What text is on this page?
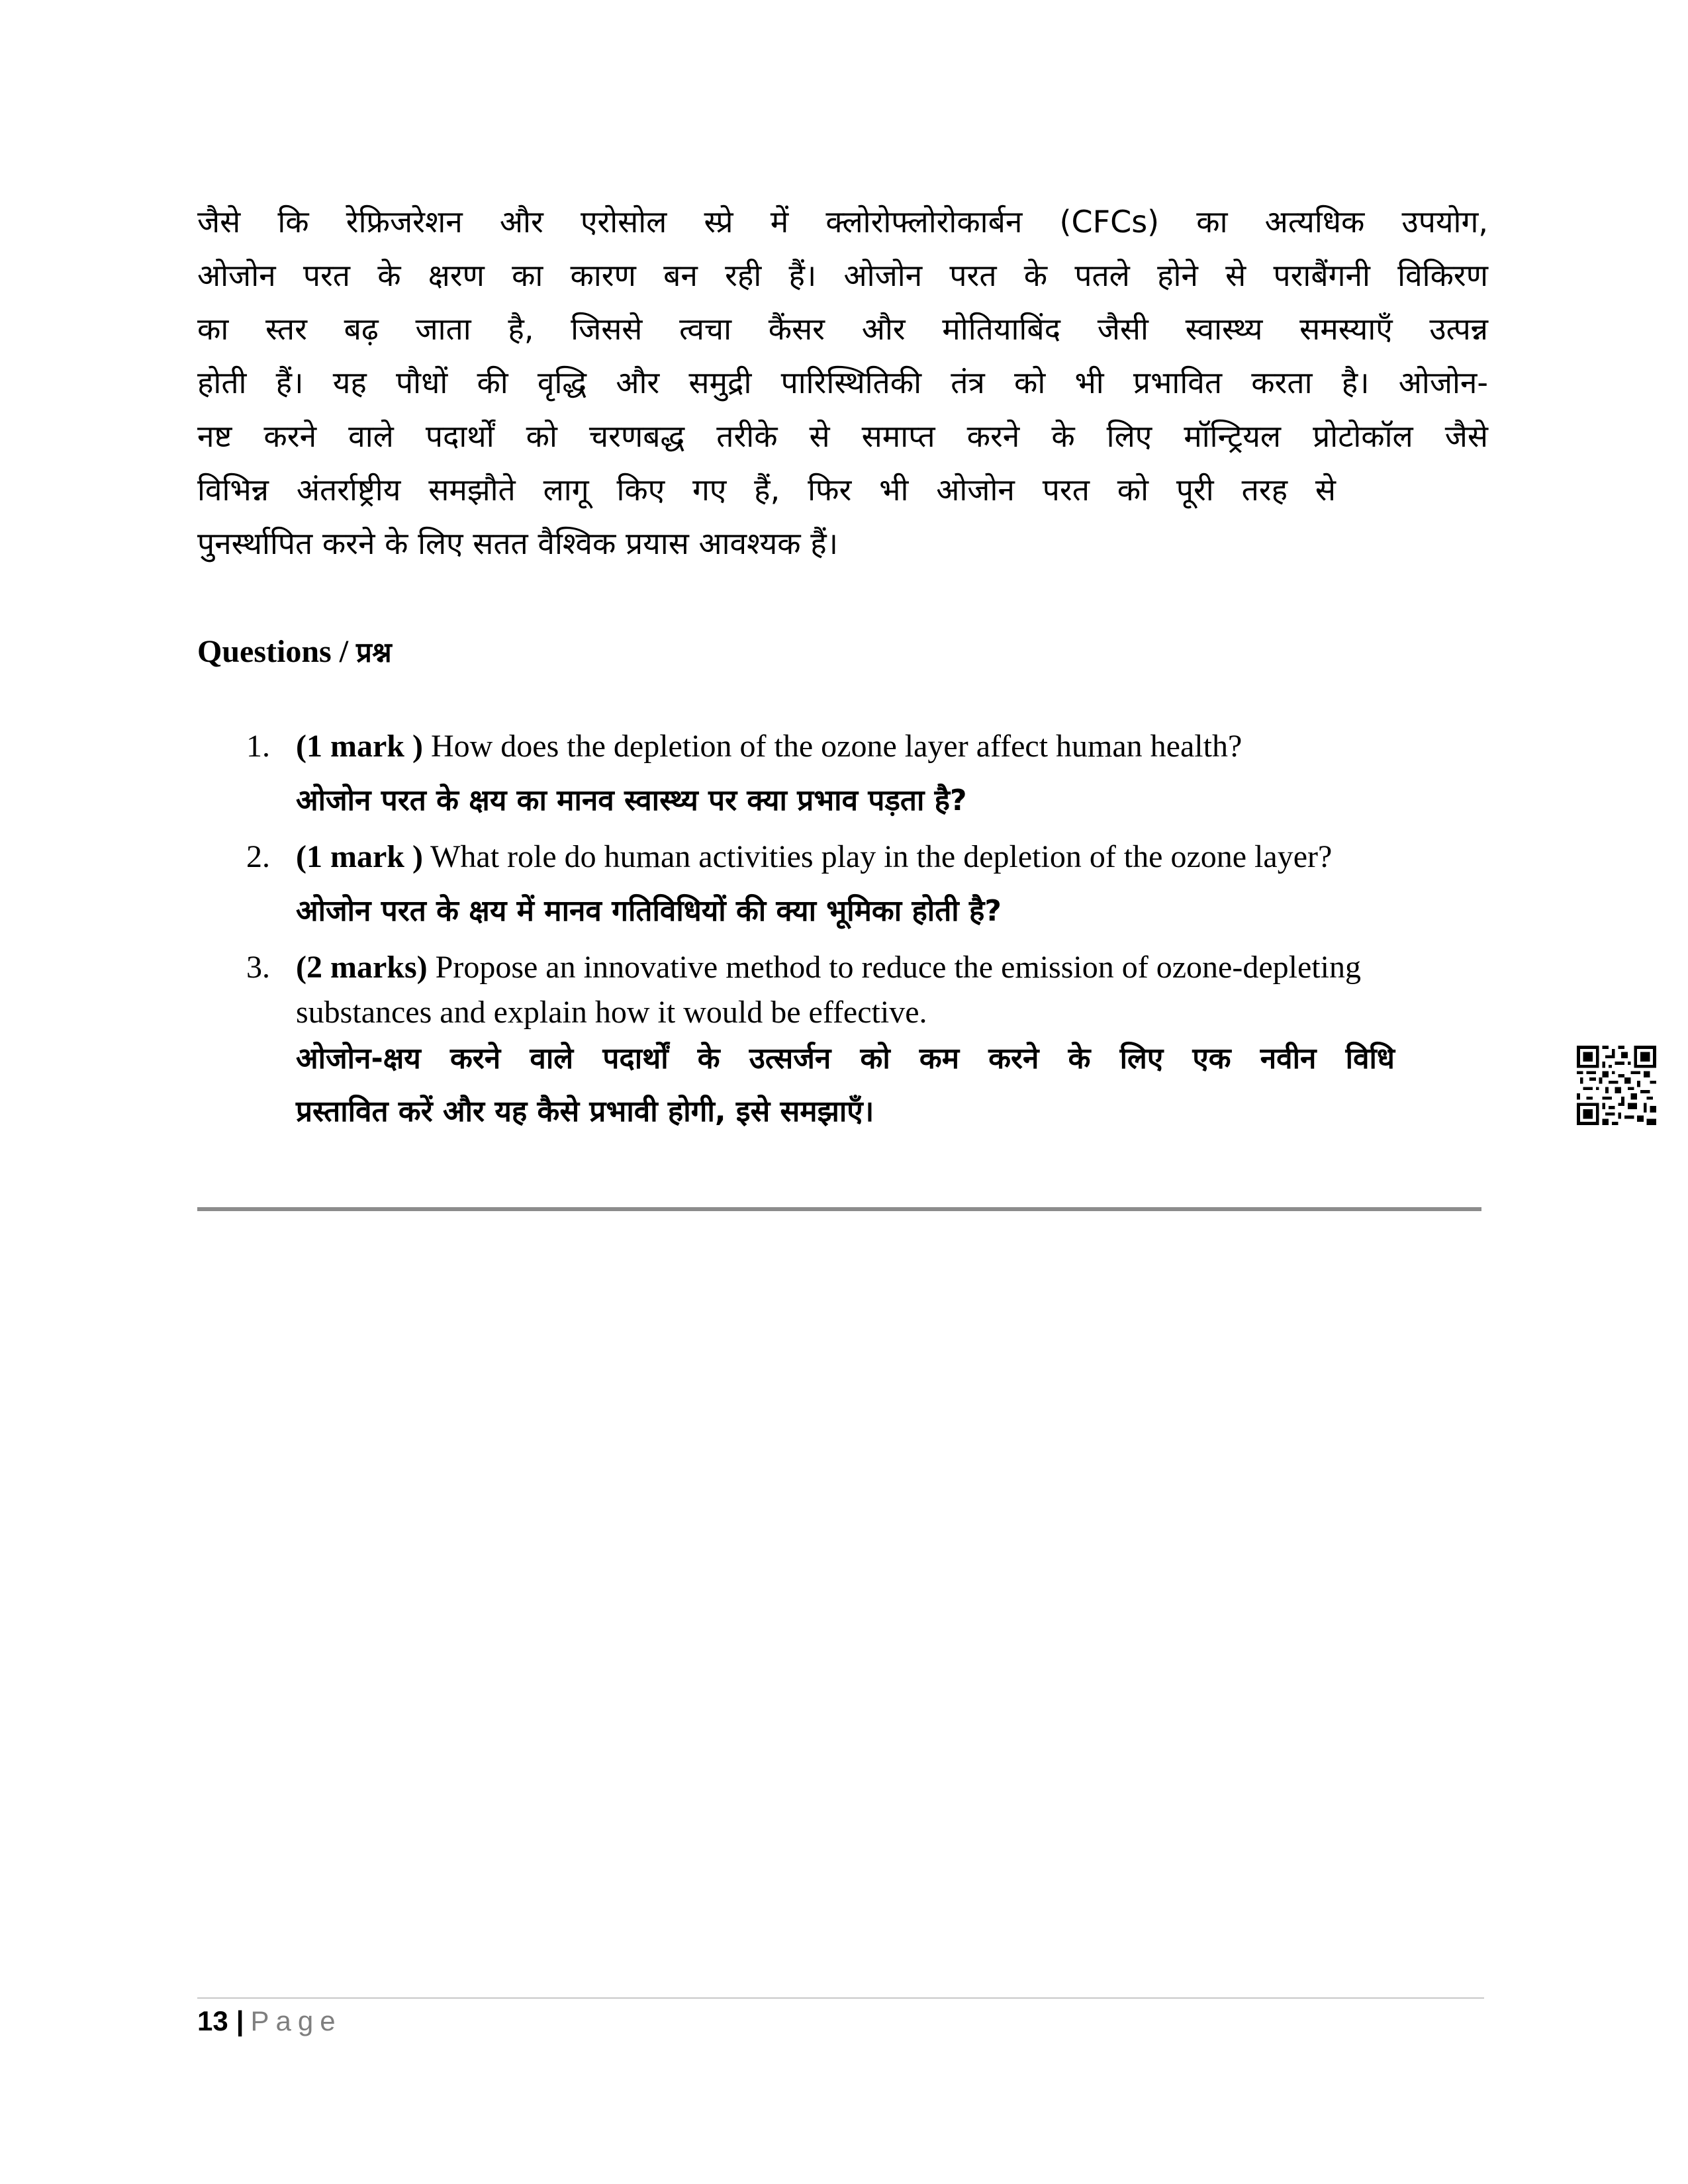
जैसे कि रेफ्रिजरेशन और एरोसोल स्प्रे में क्लोरोफ्लोरोकार्बन (CFCs) का अत्यधिक उपयोग,
ओजोन परत के क्षरण का कारण बन रही हैं। ओजोन परत के पतले होने से पराबैंगनी विकिरण
का स्तर बढ़ जाता है, जिससे त्वचा कैंसर और मोतियाबिंद जैसी स्वास्थ्य समस्याएँ उत्पन्न
होती हैं। यह पौधों की वृद्धि और समुद्री पारिस्थितिकी तंत्र को भी प्रभावित करता है। ओजोन-
नष्ट करने वाले पदार्थों को चरणबद्ध तरीके से समाप्त करने के लिए मॉन्ट्रियल प्रोटोकॉल जैसे
विभिन्न अंतर्राष्ट्रीय समझौते लागू किए गए हैं, फिर भी ओजोन परत को पूरी तरह से
पुनर्स्थापित करने के लिए सतत वैश्विक प्रयास आवश्यक हैं।
Questions / प्रश्न
1. (1 mark ) How does the depletion of the ozone layer affect human health?
ओजोन परत के क्षय का मानव स्वास्थ्य पर क्या प्रभाव पड़ता है?
2. (1 mark ) What role do human activities play in the depletion of the ozone layer?
ओजोन परत के क्षय में मानव गतिविधियों की क्या भूमिका होती है?
3. (2 marks) Propose an innovative method to reduce the emission of ozone-depleting
substances and explain how it would be effective.
ओजोन-क्षय करने वाले पदार्थों के उत्सर्जन को कम करने के लिए एक नवीन विधि
प्रस्तावित करें और यह कैसे प्रभावी होगी, इसे समझाएँ।
13 | Page
